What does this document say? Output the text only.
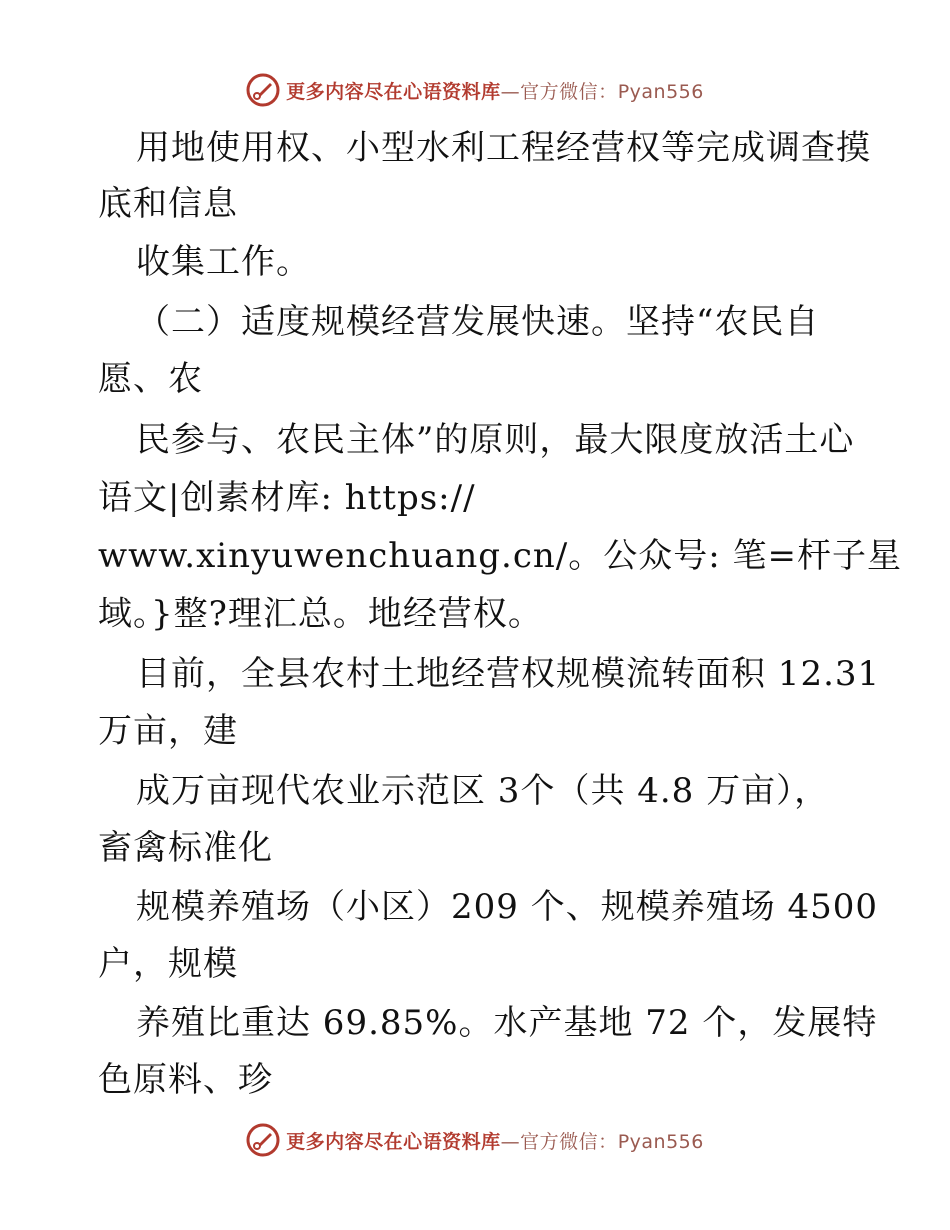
更多内容尽在心语资料库—官方微信：Pyan556
用地使用权、小型水利工程经营权等完成调查摸
底和信息
收集工作。
（二）适度规模经营发展快速。坚持“农民自
愿、农
民参与、农民主体”的原则，最大限度放活土心
语文|创素材库: https://
www.xinyuwenchuang.cn/。公众号: 笔=杆子星
域。}整?理汇总。地经营权。
目前，全县农村土地经营权规模流转面积 12.31
万亩，建
成万亩现代农业示范区 3个（共 4.8 万亩），
畜禽标准化
规模养殖场（小区）209 个、规模养殖场 4500
户，规模
养殖比重达 69.85%。水产基地 72 个，发展特
色原料、珍
更多内容尽在心语资料库—官方微信：Pyan556
